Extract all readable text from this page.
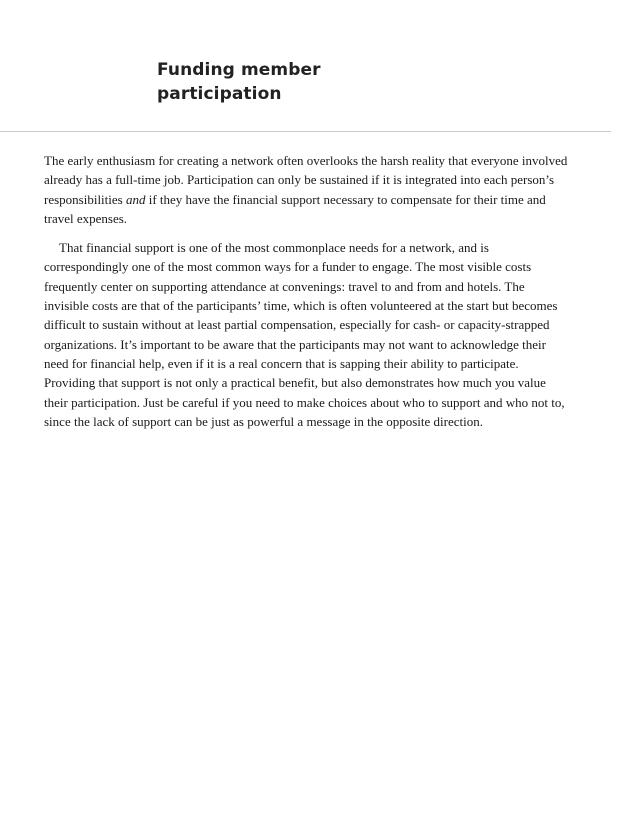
Funding member
participation

The early enthusiasm for creating a network often overlooks the harsh reality that everyone involved
already has a full-time job. Participation can only be sustained if it is integrated into each person’s
responsibilities and if they have the financial support necessary to compensate for their time and
travel expenses.

That financial support is one of the most commonplace needs for a network, and is
correspondingly one of the most common ways for a funder to engage. The most visible costs
frequently center on supporting attendance at convenings: travel to and from and hotels. The
invisible costs are that of the participants’ time, which is often volunteered at the start but becomes
difficult to sustain without at least partial compensation, especially for cash- or capacity-strapped
organizations. It’s important to be aware that the participants may not want to acknowledge their
need for financial help, even if it is a real concern that is sapping their ability to participate.
Providing that support is not only a practical benefit, but also demonstrates how much you value
their participation. Just be careful if you need to make choices about who to support and who not to,
since the lack of support can be just as powerful a message in the opposite direction.
